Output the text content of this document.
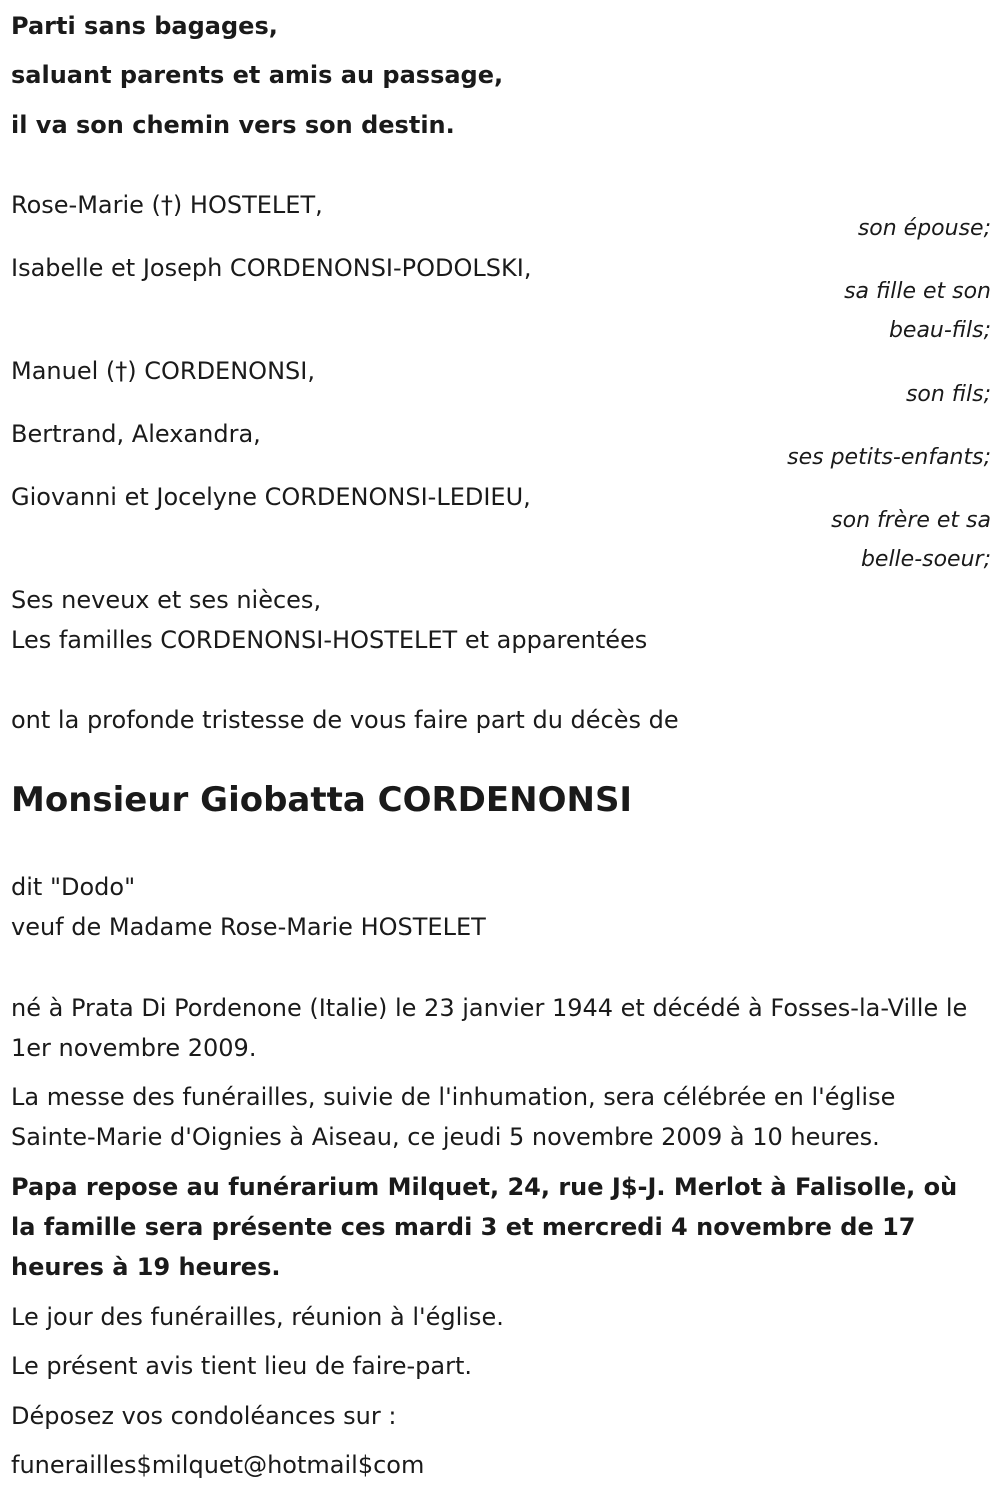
Parti sans bagages,
saluant parents et amis au passage,
il va son chemin vers son destin.
Rose-Marie (†) HOSTELET,
son épouse;
Isabelle et Joseph CORDENONSI-PODOLSKI,
sa fille et son
beau-fils;
Manuel (†) CORDENONSI,
son fils;
Bertrand, Alexandra,
ses petits-enfants;
Giovanni et Jocelyne CORDENONSI-LEDIEU,
son frère et sa
belle-soeur;
Ses neveux et ses nièces,
Les familles CORDENONSI-HOSTELET et apparentées
ont la profonde tristesse de vous faire part du décès de
Monsieur Giobatta CORDENONSI
dit "Dodo"
veuf de Madame Rose-Marie HOSTELET
né à Prata Di Pordenone (Italie) le 23 janvier 1944 et décédé à Fosses-la-Ville le 1er novembre 2009.
La messe des funérailles, suivie de l'inhumation, sera célébrée en l'église Sainte-Marie d'Oignies à Aiseau, ce jeudi 5 novembre 2009 à 10 heures.
Papa repose au funérarium Milquet, 24, rue J$-J. Merlot à Falisolle, où la famille sera présente ces mardi 3 et mercredi 4 novembre de 17 heures à 19 heures.
Le jour des funérailles, réunion à l'église.
Le présent avis tient lieu de faire-part.
Déposez vos condoléances sur :
funerailles$milquet@hotmail$com
